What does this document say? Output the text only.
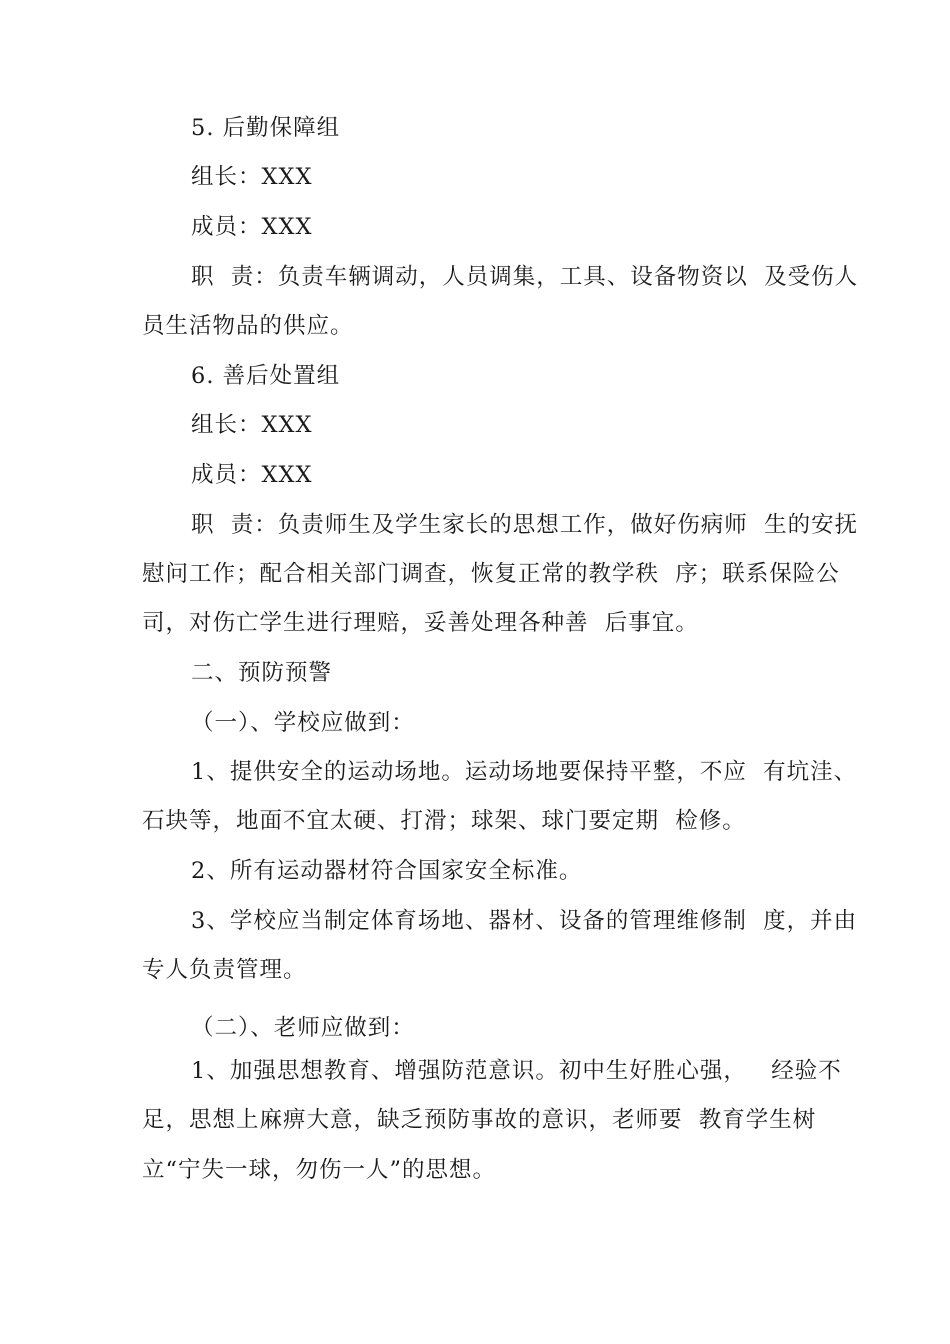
5. 后勤保障组
组长：XXX
成员：XXX
职  责：负责车辆调动，人员调集，工具、设备物资以  及受伤人
员生活物品的供应。
6. 善后处置组
组长：XXX
成员：XXX
职  责：负责师生及学生家长的思想工作，做好伤病师  生的安抚
慰问工作；配合相关部门调查，恢复正常的教学秩  序；联系保险公
司，对伤亡学生进行理赔，妥善处理各种善  后事宜。
二、预防预警
（一）、学校应做到：
1、提供安全的运动场地。运动场地要保持平整，不应  有坑洼、
石块等，地面不宜太硬、打滑；球架、球门要定期  检修。
2、所有运动器材符合国家安全标准。
3、学校应当制定体育场地、器材、设备的管理维修制  度，并由
专人负责管理。
（二）、老师应做到：
1、加强思想教育、增强防范意识。初中生好胜心强，   经验不
足，思想上麻痹大意，缺乏预防事故的意识，老师要  教育学生树
立“宁失一球，勿伤一人”的思想。
